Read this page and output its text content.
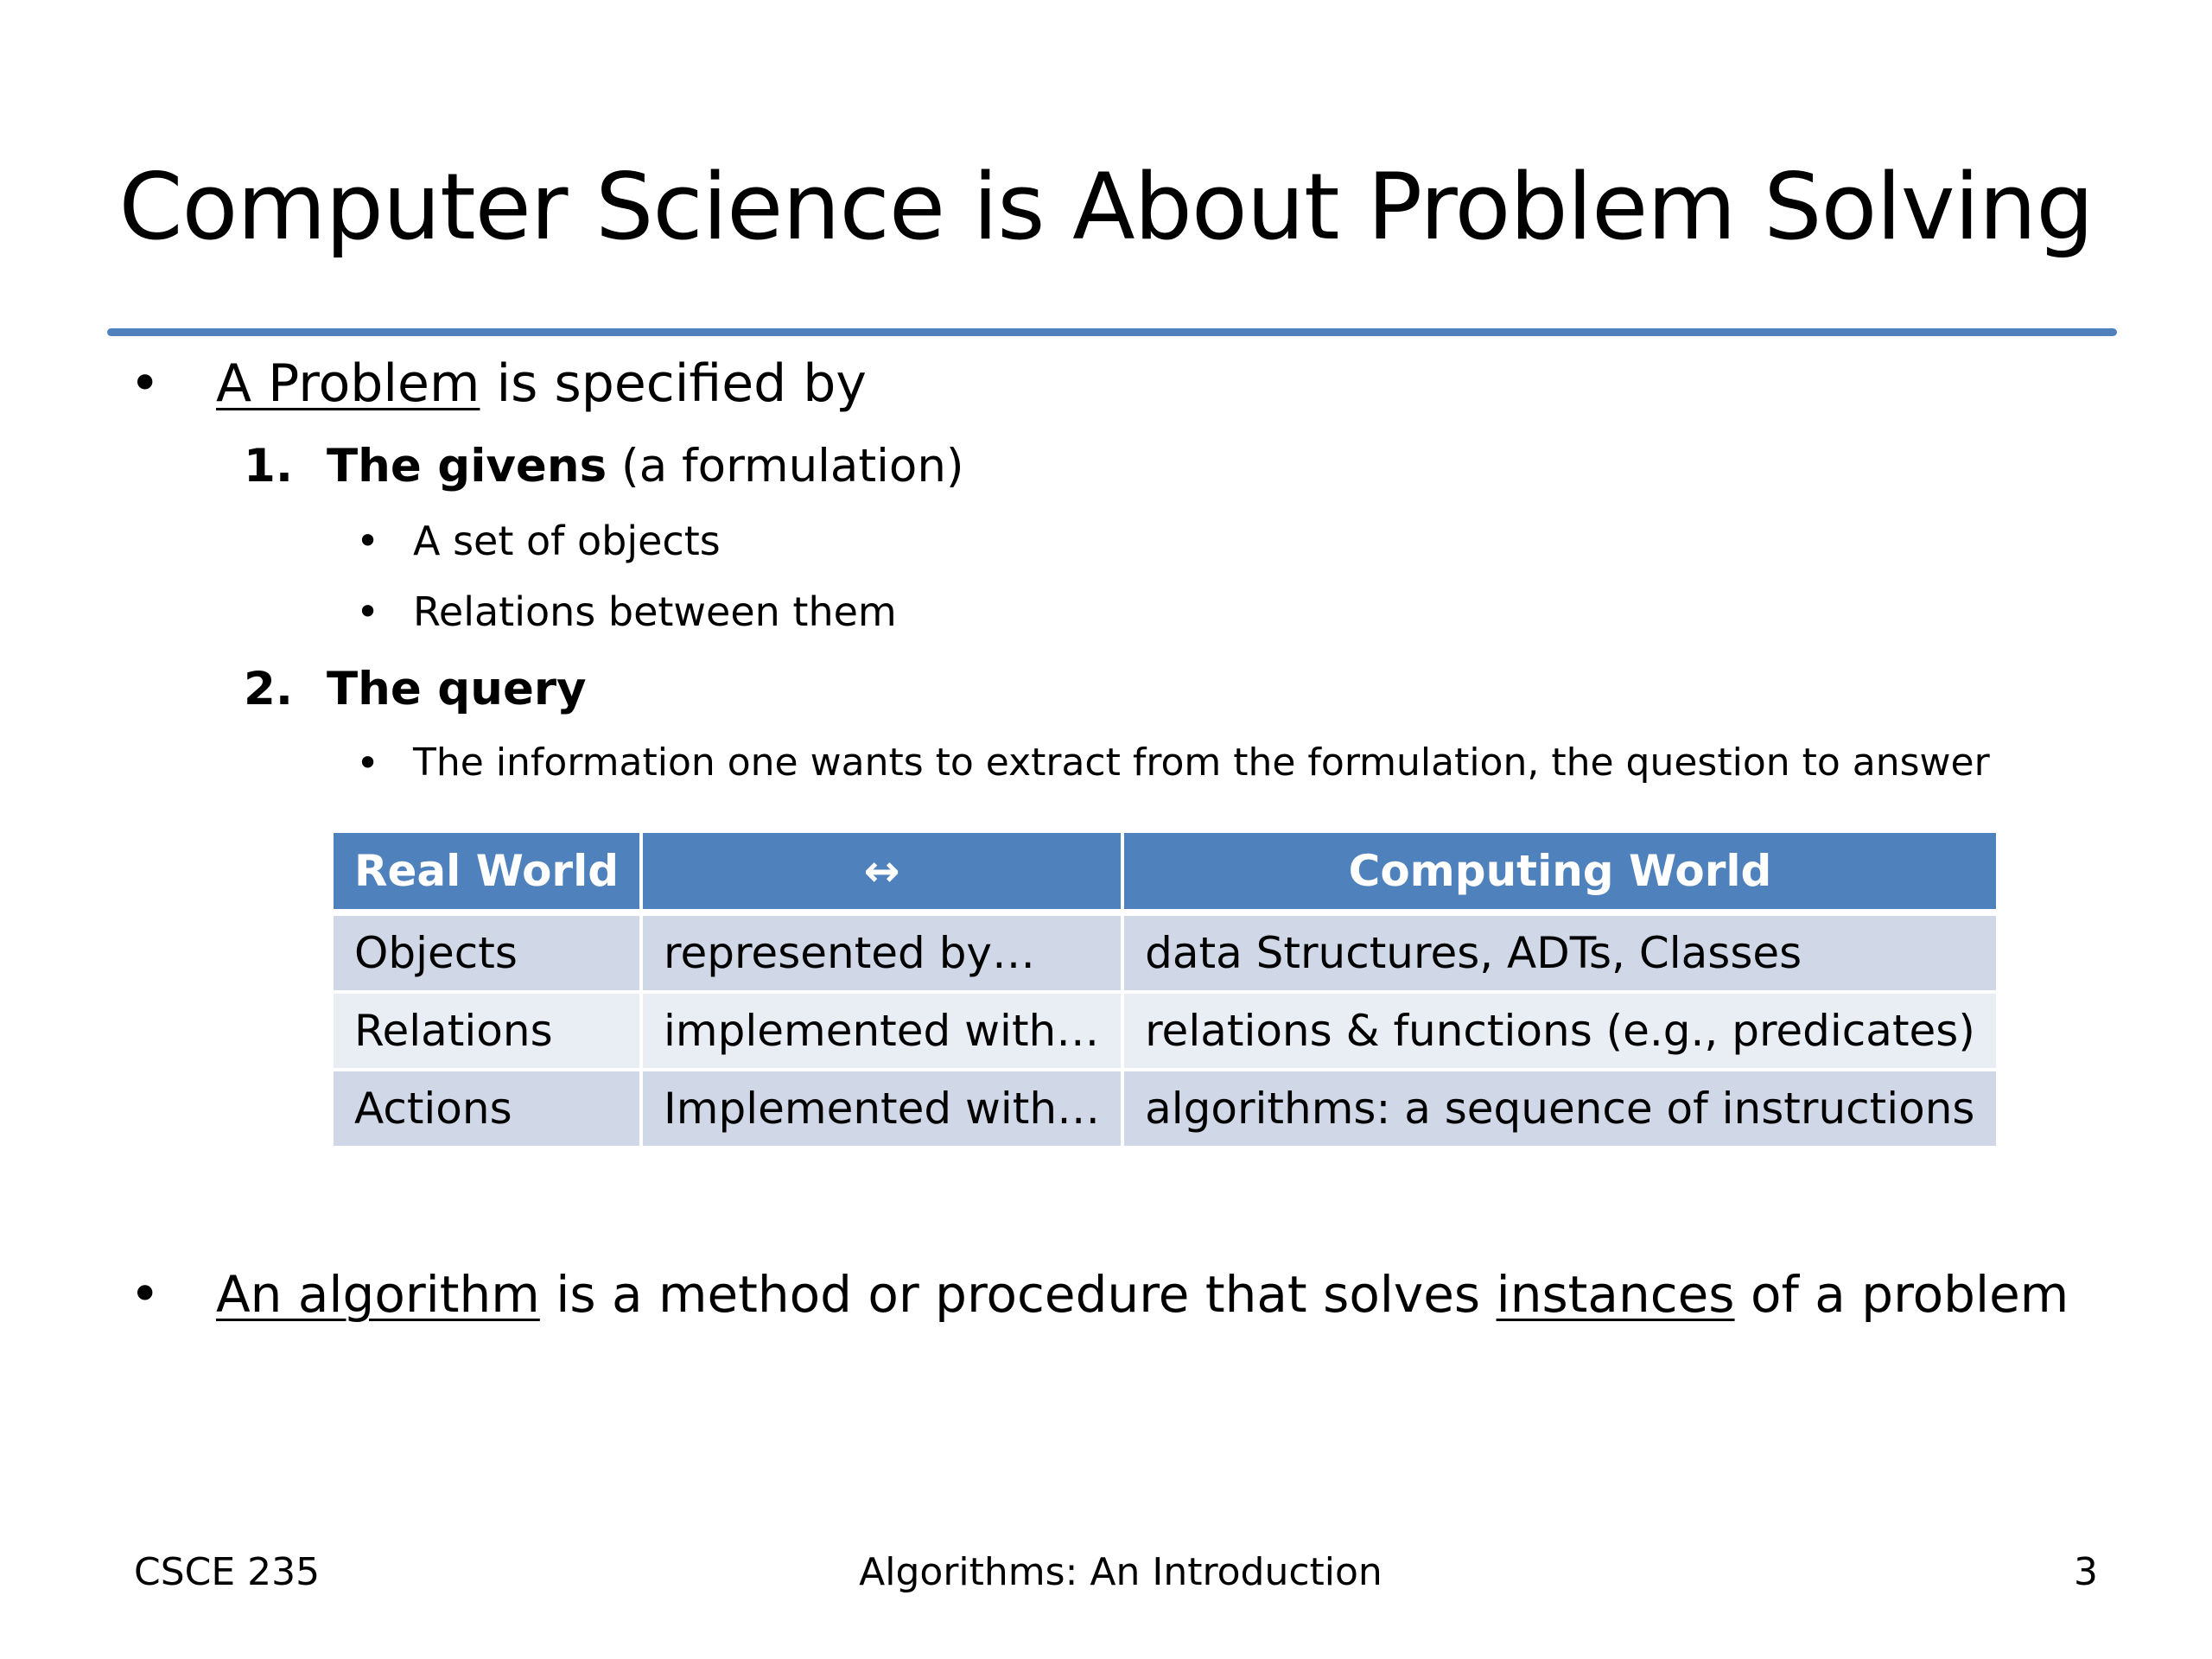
Computer Science is About Problem Solving
• A Problem is specified by
1. The givens (a formulation)
• A set of objects
• Relations between them
2. The query
• The information one wants to extract from the formulation, the question to answer
Real World	↔	Computing World
Objects	represented by…	data Structures, ADTs, Classes
Relations	implemented with…	relations & functions (e.g., predicates)
Actions	Implemented with…	algorithms: a sequence of instructions
• An algorithm is a method or procedure that solves instances of a problem
CSCE 235	Algorithms: An Introduction	3
